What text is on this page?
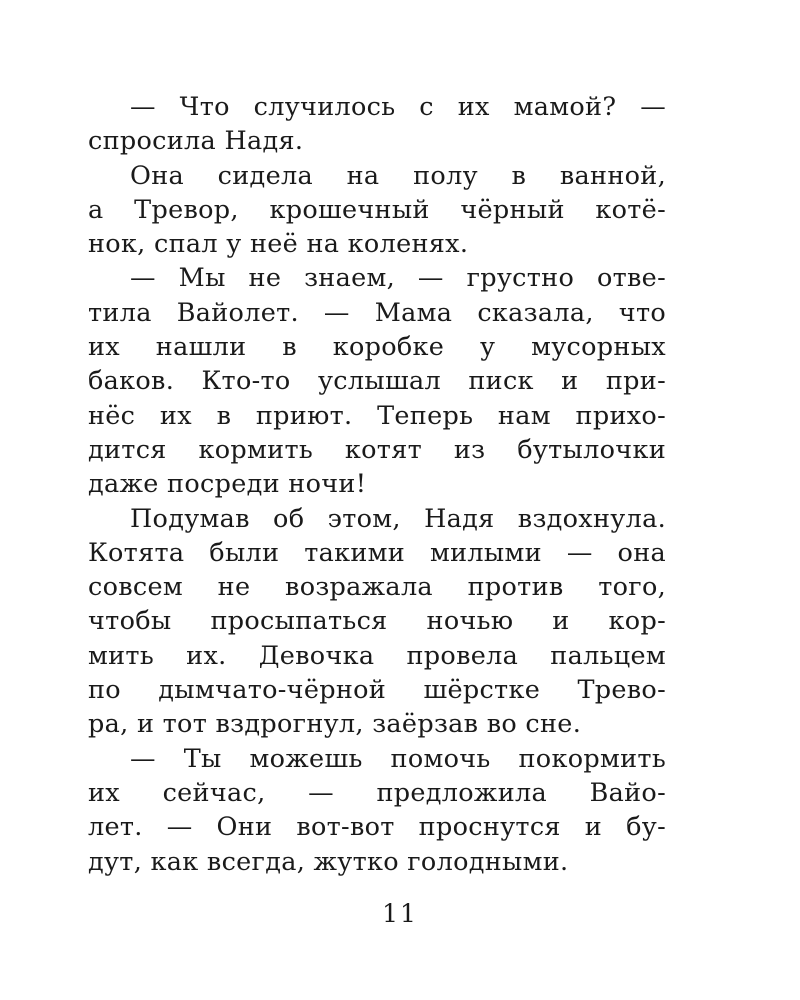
— Что случилось с их мамой? —
спросила Надя.
Она сидела на полу в ванной,
а Тревор, крошечный чёрный котё-
нок, спал у неё на коленях.
— Мы не знаем, — грустно отве-
тила Вайолет. — Мама сказала, что
их нашли в коробке у мусорных
баков. Кто-то услышал писк и при-
нёс их в приют. Теперь нам прихо-
дится кормить котят из бутылочки
даже посреди ночи!
Подумав об этом, Надя вздохнула.
Котята были такими милыми — она
совсем не возражала против того,
чтобы просыпаться ночью и кор-
мить их. Девочка провела пальцем
по дымчато-чёрной шёрстке Трево-
ра, и тот вздрогнул, заёрзав во сне.
— Ты можешь помочь покормить
их сейчас, — предложила Вайо-
лет. — Они вот-вот проснутся и бу-
дут, как всегда, жутко голодными.
11
